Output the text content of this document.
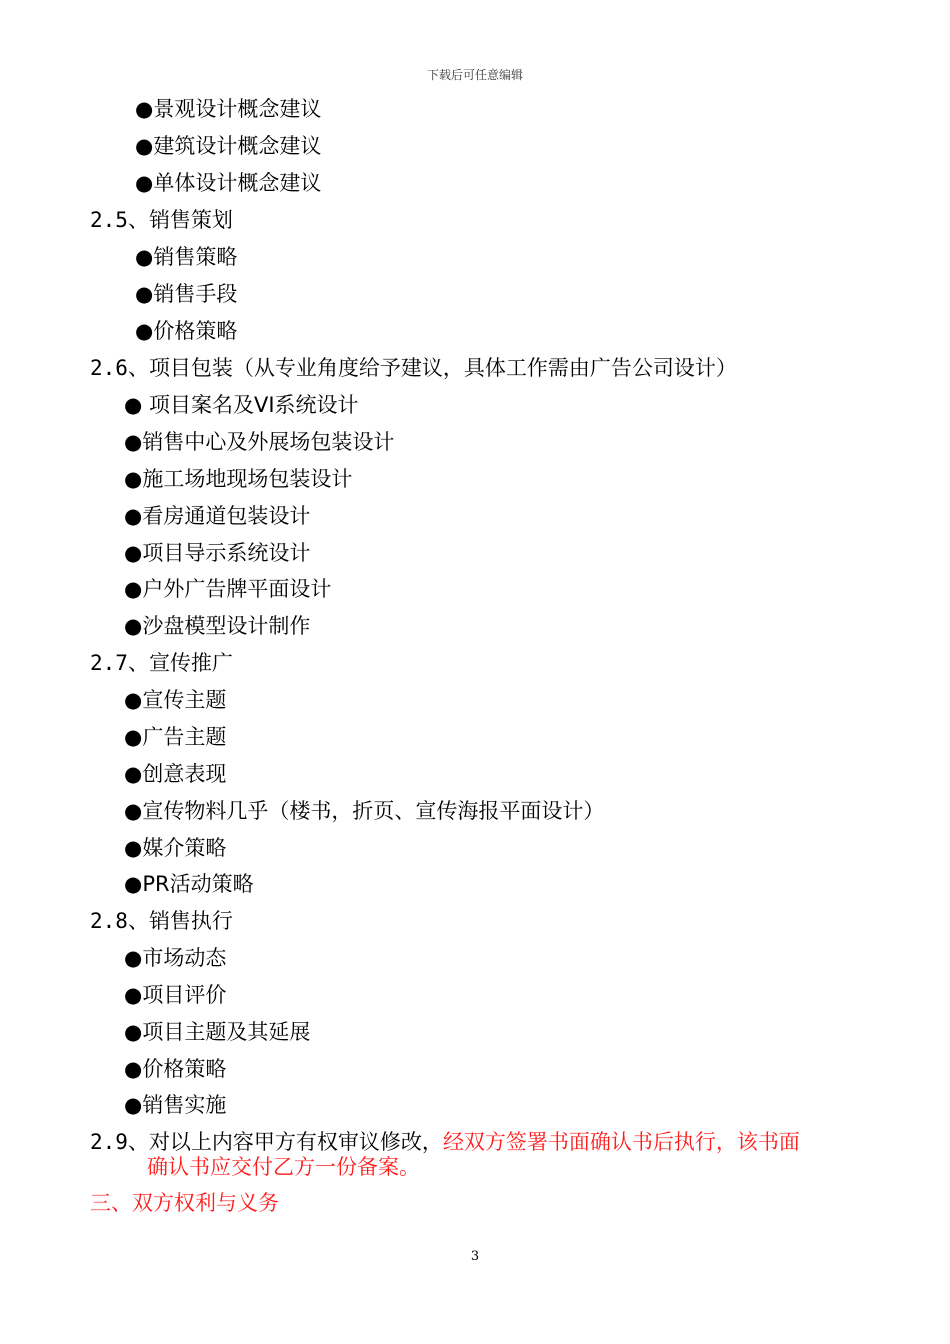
下载后可任意编辑
●景观设计概念建议
●建筑设计概念建议
●单体设计概念建议
2.5、销售策划
●销售策略
●销售手段
●价格策略
2.6、项目包装（从专业角度给予建议，具体工作需由广告公司设计）
● 项目案名及VI系统设计
●销售中心及外展场包装设计
●施工场地现场包装设计
●看房通道包装设计
●项目导示系统设计
●户外广告牌平面设计
●沙盘模型设计制作
2.7、宣传推广
●宣传主题
●广告主题
●创意表现
●宣传物料几乎（楼书，折页、宣传海报平面设计）
●媒介策略
●PR活动策略
2.8、销售执行
●市场动态
●项目评价
●项目主题及其延展
●价格策略
●销售实施
2.9、对以上内容甲方有权审议修改，经双方签署书面确认书后执行，该书面
确认书应交付乙方一份备案。
三、双方权利与义务
3
